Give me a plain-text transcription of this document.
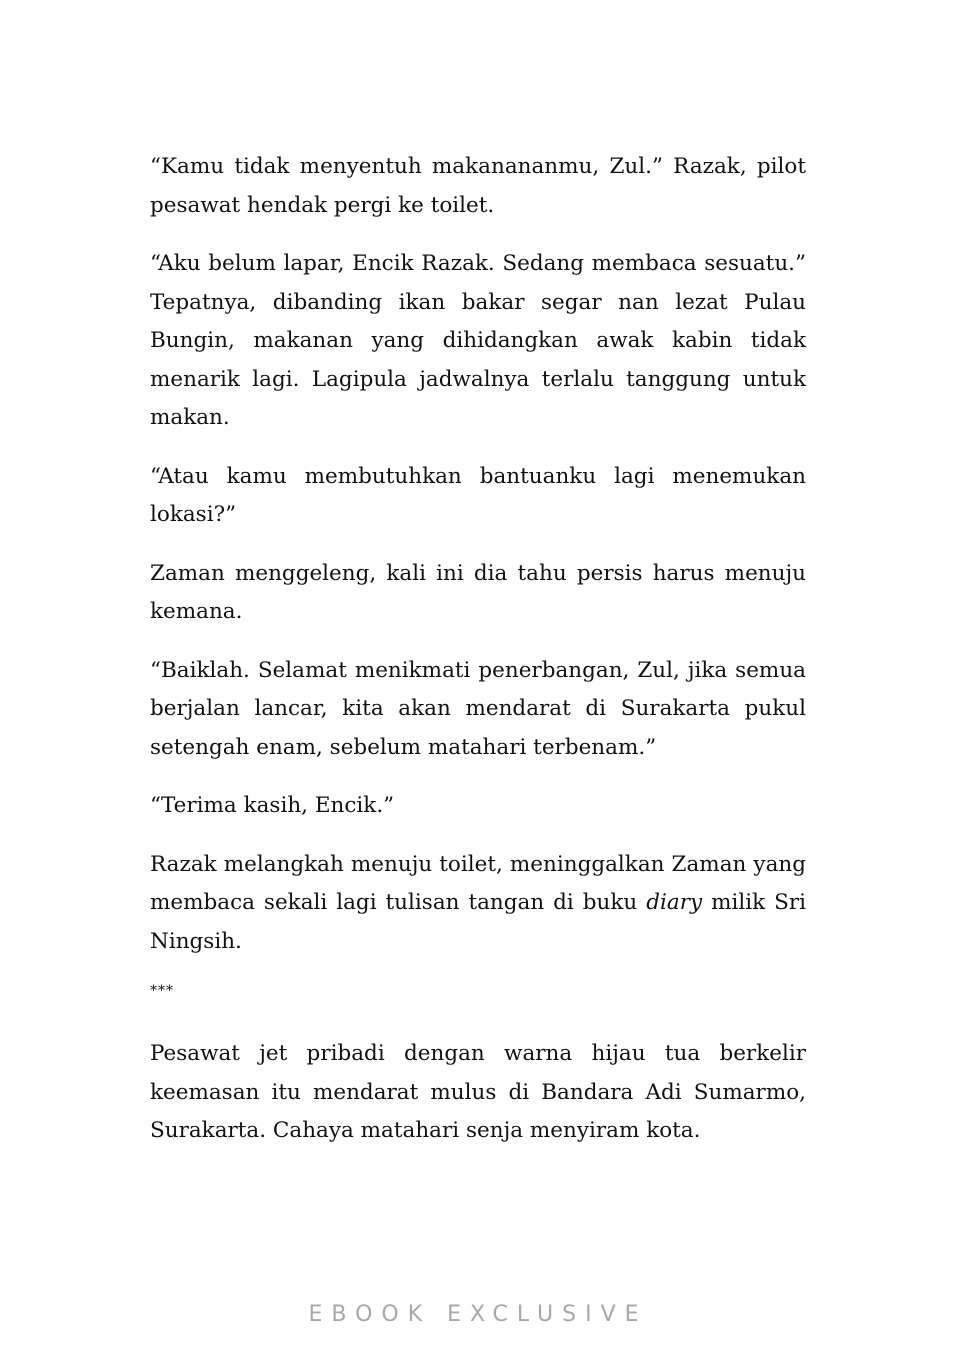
“Kamu tidak menyentuh makanananmu, Zul.” Razak, pilot pesawat hendak pergi ke toilet.

“Aku belum lapar, Encik Razak. Sedang membaca sesuatu.” Tepatnya, dibanding ikan bakar segar nan lezat Pulau Bungin, makanan yang dihidangkan awak kabin tidak menarik lagi. Lagipula jadwalnya terlalu tanggung untuk makan.

“Atau kamu membutuhkan bantuanku lagi menemukan lokasi?”

Zaman menggeleng, kali ini dia tahu persis harus menuju kemana.

“Baiklah. Selamat menikmati penerbangan, Zul, jika semua berjalan lancar, kita akan mendarat di Surakarta pukul setengah enam, sebelum matahari terbenam.”

“Terima kasih, Encik.”

Razak melangkah menuju toilet, meninggalkan Zaman yang membaca sekali lagi tulisan tangan di buku diary milik Sri Ningsih.

***

Pesawat jet pribadi dengan warna hijau tua berkelir keemasan itu mendarat mulus di Bandara Adi Sumarmo, Surakarta. Cahaya matahari senja menyiram kota.

EBOOK EXCLUSIVE
